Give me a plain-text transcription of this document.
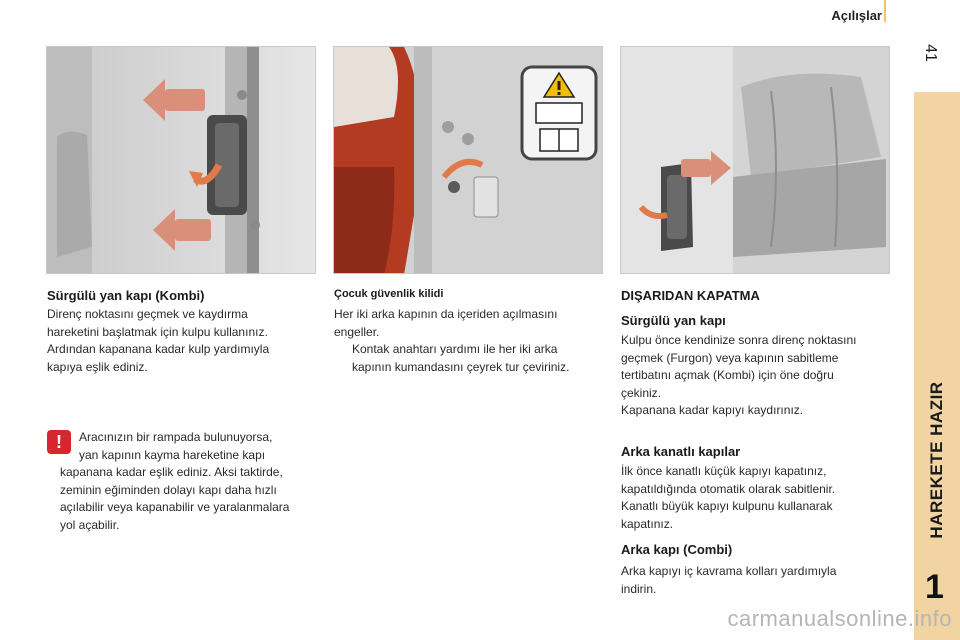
Açılışlar
41
HAREKETE HAZIR
1
Sürgülü yan kapı (Kombi)
Direnç noktasını geçmek ve kaydırma
hareketini başlatmak için kulpu kullanınız.
Ardından kapanana kadar kulp yardımıyla
kapıya eşlik ediniz.
!	Aracınızın bir rampada bulunuyorsa,
yan kapının kayma hareketine kapı
kapanana kadar eşlik ediniz. Aksi taktirde,
zeminin eğiminden dolayı kapı daha hızlı
açılabilir veya kapanabilir ve yaralanmalara
yol açabilir.
Çocuk güvenlik kilidi
Her iki arka kapının da içeriden açılmasını
engeller.
Kontak anahtarı yardımı ile her iki arka
kapının kumandasını çeyrek tur çeviriniz.
DIŞARIDAN KAPATMA
Sürgülü yan kapı
Kulpu önce kendinize sonra direnç noktasını
geçmek (Furgon) veya kapının sabitleme
tertibatını açmak (Kombi) için öne doğru
çekiniz.
Kapanana kadar kapıyı kaydırınız.
Arka kanatlı kapılar
İlk önce kanatlı küçük kapıyı kapatınız,
kapatıldığında otomatik olarak sabitlenir.
Kanatlı büyük kapıyı kulpunu kullanarak
kapatınız.
Arka kapı (Combi)
Arka kapıyı iç kavrama kolları yardımıyla
indirin.
carmanualsonline.info
